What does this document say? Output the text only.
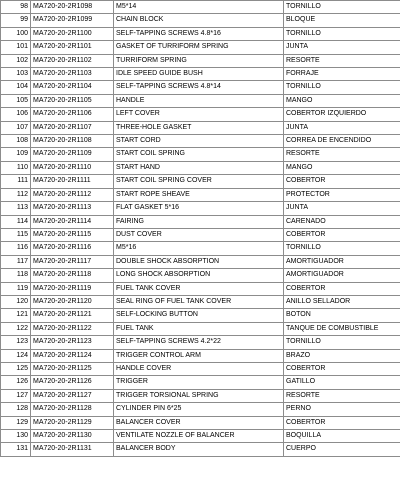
98	MA720-20-2R1098	M5*14	TORNILLO
99	MA720-20-2R1099	CHAIN BLOCK	BLOQUE
100	MA720-20-2R1100	SELF-TAPPING SCREWS 4.8*16	TORNILLO
101	MA720-20-2R1101	GASKET OF TURRIFORM SPRING	JUNTA
102	MA720-20-2R1102	TURRIFORM SPRING	RESORTE
103	MA720-20-2R1103	IDLE SPEED GUIDE BUSH	FORRAJE
104	MA720-20-2R1104	SELF-TAPPING SCREWS 4.8*14	TORNILLO
105	MA720-20-2R1105	HANDLE	MANGO
106	MA720-20-2R1106	LEFT COVER	COBERTOR IZQUIERDO
107	MA720-20-2R1107	THREE-HOLE GASKET	JUNTA
108	MA720-20-2R1108	START CORD	CORREA DE ENCENDIDO
109	MA720-20-2R1109	START COIL SPRING	RESORTE
110	MA720-20-2R1110	START HAND	MANGO
111	MA720-20-2R1111	START COIL SPRING COVER	COBERTOR
112	MA720-20-2R1112	START ROPE SHEAVE	PROTECTOR
113	MA720-20-2R1113	FLAT GASKET 5*16	JUNTA
114	MA720-20-2R1114	FAIRING	CARENADO
115	MA720-20-2R1115	DUST COVER	COBERTOR
116	MA720-20-2R1116	M5*16	TORNILLO
117	MA720-20-2R1117	DOUBLE SHOCK ABSORPTION	AMORTIGUADOR
118	MA720-20-2R1118	LONG SHOCK ABSORPTION	AMORTIGUADOR
119	MA720-20-2R1119	FUEL TANK COVER	COBERTOR
120	MA720-20-2R1120	SEAL RING OF FUEL TANK COVER	ANILLO SELLADOR
121	MA720-20-2R1121	SELF-LOCKING BUTTON	BOTON
122	MA720-20-2R1122	FUEL TANK	TANQUE DE COMBUSTIBLE
123	MA720-20-2R1123	SELF-TAPPING SCREWS 4.2*22	TORNILLO
124	MA720-20-2R1124	TRIGGER CONTROL ARM	BRAZO
125	MA720-20-2R1125	HANDLE COVER	COBERTOR
126	MA720-20-2R1126	TRIGGER	GATILLO
127	MA720-20-2R1127	TRIGGER TORSIONAL SPRING	RESORTE
128	MA720-20-2R1128	CYLINDER PIN 6*25	PERNO
129	MA720-20-2R1129	BALANCER COVER	COBERTOR
130	MA720-20-2R1130	VENTILATE NOZZLE OF BALANCER	BOQUILLA
131	MA720-20-2R1131	BALANCER BODY	CUERPO
